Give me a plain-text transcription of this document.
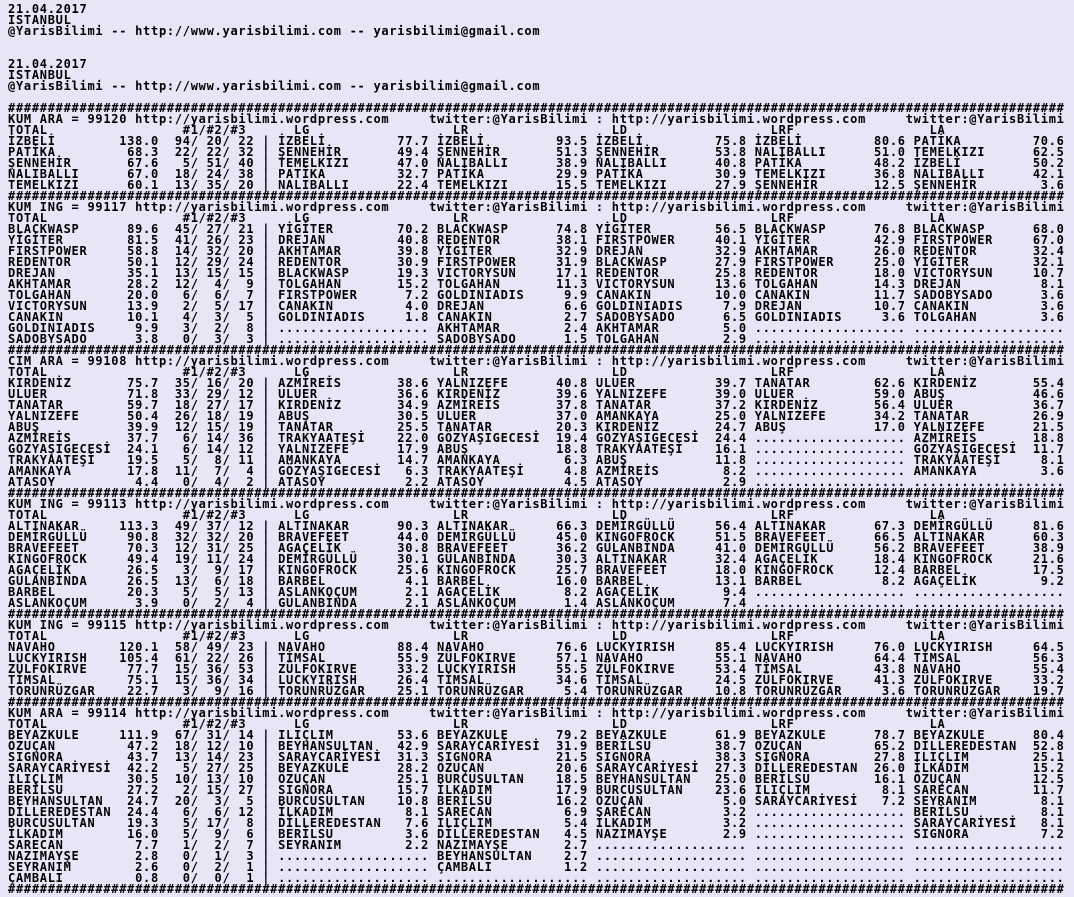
21.04.2017
ISTANBUL
@YarisBilimi -- http://www.yarisbilimi.com -- yarisbilimi@gmail.com

21.04.2017
ISTANBUL
@YarisBilimi -- http://www.yarisbilimi.com -- yarisbilimi@gmail.com

#####################################################################################################################################
KUM ARA = 99120 http://yarisbilimi.wordpress.com     twitter:@YarisBilimi : http://yarisbilimi.wordpress.com     twitter:@YarisBilimi
TOTAL                 #1/#2/#3      LG                  LR                  LD                  LRF                 LA
İZBELİ        138.0  94/ 20/ 22 | İZBELİ         77.7 İZBELİ         93.5 İZBELİ         75.8 İZBELİ         80.6 PATİKA         70.6
PATİKA         68.3  22/ 22/ 32 | ŞENNEHİR       49.4 ŞENNEHİR       51.3 ŞENNEHİR       53.8 NALIBALLI      51.0 TEMELKIZI      62.5
ŞENNEHİR       67.6   5/ 51/ 40 | TEMELKIZI      47.0 NALIBALLI      38.9 NALIBALLI      40.8 PATİKA         48.2 İZBELİ         50.2
NALIBALLI      67.0  18/ 24/ 38 | PATİKA         32.7 PATİKA         29.9 PATİKA         30.9 TEMELKIZI      36.8 NALIBALLI      42.1
TEMELKIZI      60.1  13/ 35/ 20 | NALIBALLI      22.4 TEMELKIZI      15.5 TEMELKIZI      27.9 ŞENNEHİR       12.5 ŞENNEHİR        3.6
#####################################################################################################################################
KUM ING = 99117 http://yarisbilimi.wordpress.com     twitter:@YarisBilimi : http://yarisbilimi.wordpress.com     twitter:@YarisBilimi
TOTAL                 #1/#2/#3      LG                  LR                  LD                  LRF                 LA
BLACKWASP      89.6  45/ 27/ 21 | YİGİTER        70.2 BLACKWASP      74.8 YİGİTER        56.5 BLACKWASP      76.8 BLACKWASP      68.0
YİGİTER        81.5  41/ 26/ 23 | DREJAN         40.8 REDENTOR       38.1 FIRSTPOWER     40.1 YİGİTER        42.9 FIRSTPOWER     67.0
FIRSTPOWER     58.8  14/ 32/ 20 | AKHTAMAR       39.8 YİGİTER        32.9 DREJAN         32.9 AKHTAMAR       26.0 REDENTOR       32.4
REDENTOR       50.1  12/ 29/ 24 | REDENTOR       30.9 FIRSTPOWER     31.9 BLACKWASP      27.9 FIRSTPOWER     25.0 YİGİTER        32.1
DREJAN         35.1  13/ 15/ 15 | BLACKWASP      19.3 VICTORYSUN     17.1 REDENTOR       25.8 REDENTOR       18.0 VICTORYSUN     10.7
AKHTAMAR       28.2  12/  4/  9 | TOLGAHAN       15.2 TOLGAHAN       11.3 VICTORYSUN     13.6 TOLGAHAN       14.3 DREJAN          8.1
TOLGAHAN       20.0   6/  6/  7 | FIRSTPOWER      7.2 GOLDINIADIS     9.9 CANAKIN        10.0 CANAKIN        11.7 SADOBYSADO      3.6
VICTORYSUN     13.9   2/  5/ 17 | CANAKIN         4.0 DREJAN          6.6 GOLDINIADIS     7.9 DREJAN         10.7 CANAKIN         3.6
CANAKIN        10.1   4/  3/  5 | GOLDINIADIS     1.8 CANAKIN         2.7 SADOBYSADO      6.5 GOLDINIADIS     3.6 TOLGAHAN        3.6
GOLDINIADIS     9.9   3/  2/  8 | ................... AKHTAMAR        2.4 AKHTAMAR        5.0 ................... ...................
SADOBYSADO      3.8   0/  3/  3 | ................... SADOBYSADO      1.5 TOLGAHAN        2.9 ................... ...................
#####################################################################################################################################
CIM ARA = 99108 http://yarisbilimi.wordpress.com     twitter:@YarisBilimi : http://yarisbilimi.wordpress.com     twitter:@YarisBilimi
TOTAL                 #1/#2/#3      LG                  LR                  LD                  LRF                 LA
KIRDENİZ       75.7  35/ 16/ 20 | AZMİREİS       38.6 YALNIZEFE      40.8 ULUER          39.7 TANATAR        62.6 KIRDENİZ       55.4
ULUER          71.8  33/ 29/ 12 | ULUER          36.6 KIRDENİZ       39.6 YALNIZEFE      39.0 ULUER          59.0 ABUŞ           46.6
TANATAR        59.7  18/ 27/ 17 | KIRDENİZ       34.9 AZMİREİS       37.8 TANATAR        37.2 KIRDENİZ       56.4 ULUER          36.7
YALNIZEFE      50.4  26/ 18/ 19 | ABUŞ           30.5 ULUER          37.0 AMANKAYA       25.0 YALNIZEFE      34.2 TANATAR        26.9
ABUŞ           39.9  12/ 15/ 19 | TANATAR        25.5 TANATAR        20.3 KIRDENİZ       24.7 ABUŞ           17.0 YALNIZEFE      21.5
AZMİREİS       37.7   6/ 14/ 36 | TRAKYAATEŞİ    22.0 GÖZYAŞIGECESİ  19.4 GÖZYAŞIGECESİ  24.4 ................... AZMİREİS       18.8
GÖZYAŞIGECESİ  24.1   6/ 14/ 12 | YALNIZEFE      17.9 ABUŞ           18.8 TRAKYAATEŞİ    16.1 ................... GÖZYAŞIGECESİ  11.7
TRAKYAATEŞİ    19.5   5/  8/ 11 | AMANKAYA       14.7 AMANKAYA        6.3 ABUŞ           11.8 ................... TRAKYAATEŞİ     8.1
AMANKAYA       17.8  11/  7/  4 | GÖZYAŞIGECESİ   6.3 TRAKYAATEŞİ     4.8 AZMİREİS        8.2 ................... AMANKAYA        3.6
ATASOY          4.4   0/  4/  2 | ATASOY          2.2 ATASOY          4.5 ATASOY          2.9 ................... ...................
#####################################################################################################################################
KUM ING = 99113 http://yarisbilimi.wordpress.com     twitter:@YarisBilimi : http://yarisbilimi.wordpress.com     twitter:@YarisBilimi
TOTAL                 #1/#2/#3      LG                  LR                  LD                  LRF                 LA
ALTINAKAR     113.3  49/ 37/ 12 | ALTINAKAR      90.3 ALTINAKAR      66.3 DEMİRGÜLLÜ     56.4 ALTINAKAR      67.3 DEMİRGÜLLÜ     81.6
DEMİRGÜLLÜ     90.8  32/ 32/ 20 | BRAVEFEET      44.0 DEMİRGÜLLÜ     45.0 KINGOFROCK     51.5 BRAVEFEET      66.5 ALTINAKAR      60.3
BRAVEFEET      70.3  12/ 31/ 25 | AGAÇELİK       30.8 BRAVEFEET      36.2 GÜLANBİNDA     41.0 DEMİRGÜLLÜ     56.2 BRAVEFEET      38.9
KINGOFROCK     49.4  19/ 11/ 24 | DEMİRGÜLLÜ     30.1 GÜLANBİNDA     30.3 ALTINAKAR      32.4 AGAÇELİK       18.4 KINGOFROCK     21.6
AGAÇELİK       26.5   3/  9/ 17 | KINGOFROCK     25.6 KINGOFROCK     25.7 BRAVEFEET      18.0 KINGOFROCK     12.4 BARBEL         17.5
GÜLANBİNDA     26.5  13/  6/ 18 | BARBEL          4.1 BARBEL         16.0 BARBEL         13.1 BARBEL          8.2 AGAÇELİK        9.2
BARBEL         20.3   5/  5/ 13 | ASLANKOÇUM      2.1 AGAÇELİK        8.2 AGAÇELİK        9.4 ................... ...................
ASLANKOÇUM      3.9   0/  2/  4 | GÜLANBİNDA      2.1 ASLANKOÇUM      1.4 ASLANKOÇUM      7.4 ................... ...................
#####################################################################################################################################
KUM ING = 99115 http://yarisbilimi.wordpress.com     twitter:@YarisBilimi : http://yarisbilimi.wordpress.com     twitter:@YarisBilimi
TOTAL                 #1/#2/#3      LG                  LR                  LD                  LRF                 LA
NAVAHO        120.1  58/ 49/ 23 | NAVAHO         88.4 NAVAHO         76.6 LUCKYIRISH     85.4 LUCKYIRISH     76.0 LUCKYIRISH     64.5
LUCKYIRISH    105.4  61/ 22/ 26 | TİMSAL         55.9 ZÜLFOKIRVE     57.1 NAVAHO         55.1 NAVAHO         64.4 TİMSAL         56.3
ZÜLFOKIRVE     77.7  15/ 36/ 53 | ZÜLFOKIRVE     33.2 LUCKYIRISH     55.5 ZÜLFOKIRVE     53.4 TİMSAL         43.8 NAVAHO         55.4
TİMSAL         75.1  15/ 36/ 34 | LUCKYIRISH     26.4 TİMSAL         34.6 TİMSAL         24.5 ZÜLFOKIRVE     41.3 ZÜLFOKIRVE     33.2
TORUNRÜZGAR    22.7   3/  9/ 16 | TORUNRÜZGAR    25.1 TORUNRÜZGAR     5.4 TORUNRÜZGAR    10.8 TORUNRÜZGAR     3.6 TORUNRÜZGAR    19.7
#####################################################################################################################################
KUM ARA = 99114 http://yarisbilimi.wordpress.com     twitter:@YarisBilimi : http://yarisbilimi.wordpress.com     twitter:@YarisBilimi
TOTAL                 #1/#2/#3      LG                  LR                  LD                  LRF                 LA
BEYAZKULE     111.9  67/ 31/ 14 | ILIÇLIM        53.6 BEYAZKULE      79.2 BEYAZKULE      61.9 BEYAZKULE      78.7 BEYAZKULE      80.4
ÖZUÇAN         47.2  18/ 12/ 10 | BEYHANSULTAN   42.9 SARAYCARİYESİ  31.9 BERİLSU        38.7 ÖZUÇAN         65.2 DİLLEREDESTAN  52.8
SIGNORA        43.7  13/ 14/ 23 | SARAYCARİYESİ  31.3 SIGNORA        21.5 SIGNORA        38.3 SIGNORA        27.8 ILIÇLIM        25.1
SARAYCARİYESİ  42.2   5/ 27/ 25 | BEYAZKULE      28.2 ÖZUÇAN         20.6 SARAYCARİYESİ  27.3 DİLLEREDESTAN  26.0 İLKADIM        15.2
ILIÇLIM        30.5  10/ 13/ 10 | ÖZUÇAN         25.1 BURCUSULTAN    18.5 BEYHANSULTAN   25.0 BERİLSU        16.1 ÖZUÇAN         12.5
BERİLSU        27.2   2/ 15/ 27 | SIGNORA        15.7 İLKADIM        17.9 BURCUSULTAN    23.6 ILIÇLIM         8.1 SARECAN        11.7
BEYHANSULTAN   24.7  20/  3/  5 | BURCUSULTAN    10.8 BERİLSU        16.2 ÖZUÇAN          5.0 SARAYCARİYESİ   7.2 SEYRANIM        8.1
DİLLEREDESTAN  24.4   6/  6/ 12 | İLKADIM         8.1 SARECAN         6.9 SARECAN         3.2 ................... BERİLSU         8.1
BURCUSULTAN    19.3   5/ 17/  8 | DİLLEREDESTAN   7.6 ILIÇLIM         5.4 İLKADIM         3.2 ................... SARAYCARİYESİ   8.1
İLKADIM        16.0   5/  9/  6 | BERİLSU         3.6 DİLLEREDESTAN   4.5 NAZIMAYŞE       2.9 ................... SIGNORA         7.2
SARECAN         7.7   1/  2/  7 | SEYRANIM        2.2 NAZIMAYŞE       2.7 ................... ................... ...................
NAZIMAYŞE       2.8   0/  1/  3 | ................... BEYHANSULTAN    2.7 ................... ................... ...................
SEYRANIM        2.6   0/  2/  1 | ................... ÇAMBALI         1.2 ................... ................... ...................
ÇAMBALI         0.8   0/  0/  1 | ................... ................... ................... ................... ...................
#####################################################################################################################################
